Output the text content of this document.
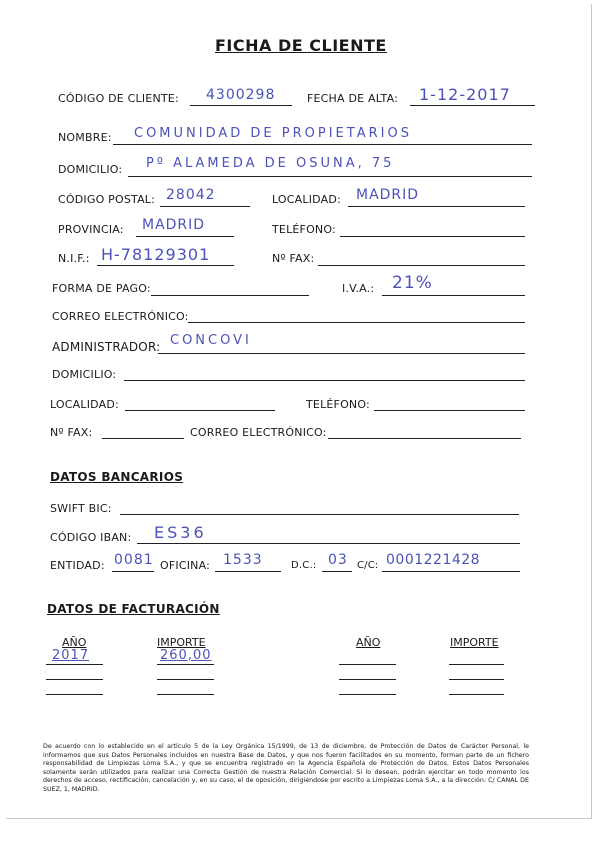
FICHA DE CLIENTE
CÓDIGO DE CLIENTE: 4300298	FECHA DE ALTA: 1-12-2017
NOMBRE: COMUNIDAD DE PROPIETARIOS
DOMICILIO: Pº ALAMEDA DE OSUNA, 75
CÓDIGO POSTAL: 28042	LOCALIDAD: MADRID
PROVINCIA: MADRID	TELÉFONO:
N.I.F.: H-78129301	Nº FAX:
FORMA DE PAGO:	I.V.A.: 21%
CORREO ELECTRÓNICO:
ADMINISTRADOR: CONCOVI
DOMICILIO:
LOCALIDAD:	TELÉFONO:
Nº FAX:	CORREO ELECTRÓNICO:
DATOS BANCARIOS
SWIFT BIC:
CÓDIGO IBAN: ES36
ENTIDAD: 0081 OFICINA: 1533	D.C.: 03 C/C: 0001221428
DATOS DE FACTURACIÓN
AÑO	IMPORTE	AÑO	IMPORTE
2017	260,00
De acuerdo con lo establecido en el artículo 5 de la Ley Orgánica 15/1999, de 13 de diciembre, de Protección de Datos de Carácter Personal, le informamos que sus Datos Personales incluidos en nuestra Base de Datos, y que nos fueron facilitados en su momento, forman parte de un fichero responsabilidad de Limpiezas Loma S.A., y que se encuentra registrado en la Agencia Española de Protección de Datos. Estos Datos Personales solamente serán utilizados para realizar una Correcta Gestión de nuestra Relación Comercial. Si lo desean, podrán ejercitar en todo momento los derechos de acceso, rectificación, cancelación y, en su caso, el de oposición, dirigiéndose por escrito a Limpiezas Loma S.A., a la dirección: C/ CANAL DE SUEZ, 1, MADRID.
